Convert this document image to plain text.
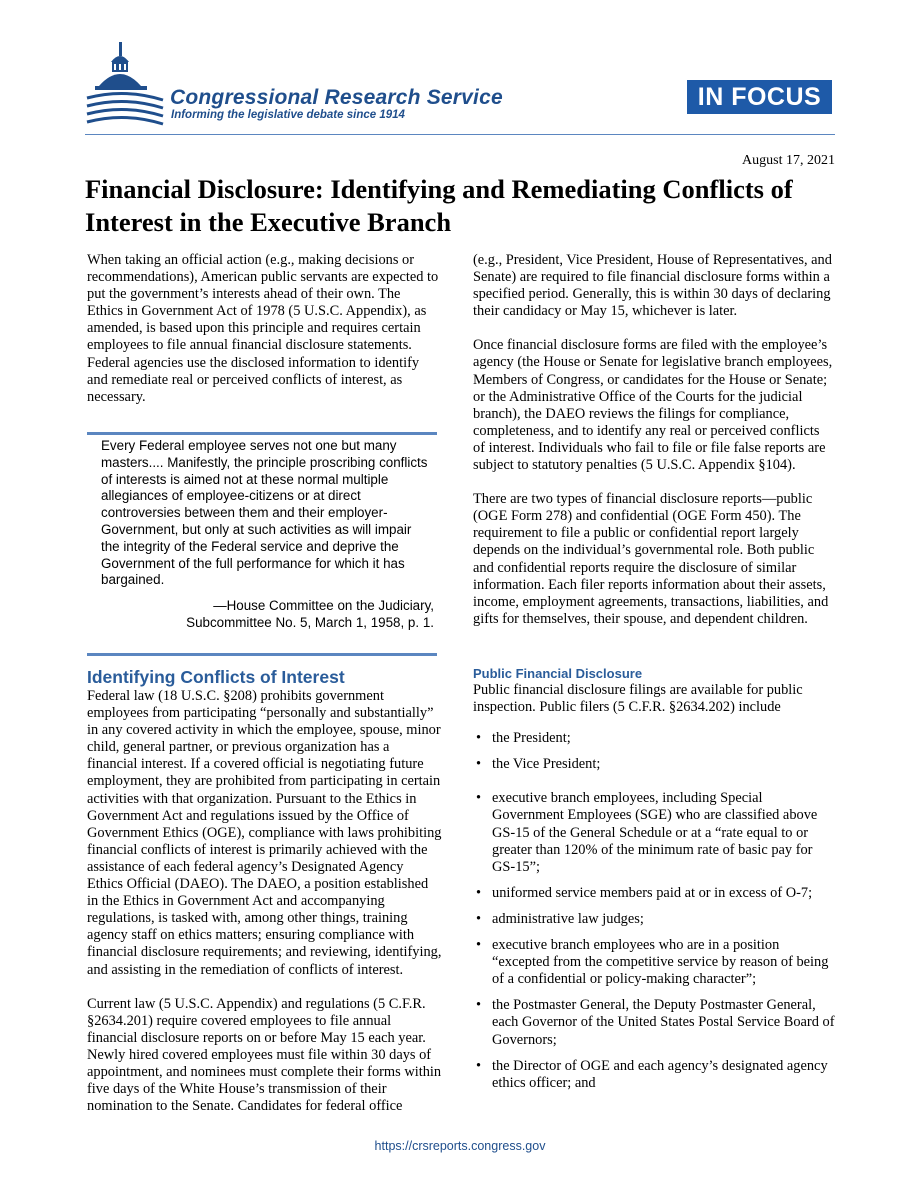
Congressional Research Service
Informing the legislative debate since 1914
IN FOCUS
August 17, 2021
Financial Disclosure: Identifying and Remediating Conflicts of Interest in the Executive Branch

When taking an official action (e.g., making decisions or recommendations), American public servants are expected to put the government’s interests ahead of their own. The Ethics in Government Act of 1978 (5 U.S.C. Appendix), as amended, is based upon this principle and requires certain employees to file annual financial disclosure statements. Federal agencies use the disclosed information to identify and remediate real or perceived conflicts of interest, as necessary.

Every Federal employee serves not one but many masters.... Manifestly, the principle proscribing conflicts of interests is aimed not at these normal multiple allegiances of employee-citizens or at direct controversies between them and their employer-Government, but only at such activities as will impair the integrity of the Federal service and deprive the Government of the full performance for which it has bargained.
—House Committee on the Judiciary,
Subcommittee No. 5, March 1, 1958, p. 1.
Identifying Conflicts of Interest

Federal law (18 U.S.C. §208) prohibits government employees from participating “personally and substantially” in any covered activity in which the employee, spouse, minor child, general partner, or previous organization has a financial interest. If a covered official is negotiating future employment, they are prohibited from participating in certain activities with that organization. Pursuant to the Ethics in Government Act and regulations issued by the Office of Government Ethics (OGE), compliance with laws prohibiting financial conflicts of interest is primarily achieved with the assistance of each federal agency’s Designated Agency Ethics Official (DAEO). The DAEO, a position established in the Ethics in Government Act and accompanying regulations, is tasked with, among other things, training agency staff on ethics matters; ensuring compliance with financial disclosure requirements; and reviewing, identifying, and assisting in the remediation of conflicts of interest.

Current law (5 U.S.C. Appendix) and regulations (5 C.F.R. §2634.201) require covered employees to file annual financial disclosure reports on or before May 15 each year. Newly hired covered employees must file within 30 days of appointment, and nominees must complete their forms within five days of the White House’s transmission of their nomination to the Senate. Candidates for federal office

(e.g., President, Vice President, House of Representatives, and Senate) are required to file financial disclosure forms within a specified period. Generally, this is within 30 days of declaring their candidacy or May 15, whichever is later.

Once financial disclosure forms are filed with the employee’s agency (the House or Senate for legislative branch employees, Members of Congress, or candidates for the House or Senate; or the Administrative Office of the Courts for the judicial branch), the DAEO reviews the filings for compliance, completeness, and to identify any real or perceived conflicts of interest. Individuals who fail to file or file false reports are subject to statutory penalties (5 U.S.C. Appendix §104).

There are two types of financial disclosure reports—public (OGE Form 278) and confidential (OGE Form 450). The requirement to file a public or confidential report largely depends on the individual’s governmental role. Both public and confidential reports require the disclosure of similar information. Each filer reports information about their assets, income, employment agreements, transactions, liabilities, and gifts for themselves, their spouse, and dependent children.

Public Financial Disclosure

Public financial disclosure filings are available for public inspection. Public filers (5 C.F.R. §2634.202) include

• the President;
• the Vice President;
• executive branch employees, including Special Government Employees (SGE) who are classified above GS-15 of the General Schedule or at a “rate equal to or greater than 120% of the minimum rate of basic pay for GS-15”;
• uniformed service members paid at or in excess of O-7;
• administrative law judges;
• executive branch employees who are in a position “excepted from the competitive service by reason of being of a confidential or policy-making character”;
• the Postmaster General, the Deputy Postmaster General, each Governor of the United States Postal Service Board of Governors;
• the Director of OGE and each agency’s designated agency ethics officer; and
https://crsreports.congress.gov
